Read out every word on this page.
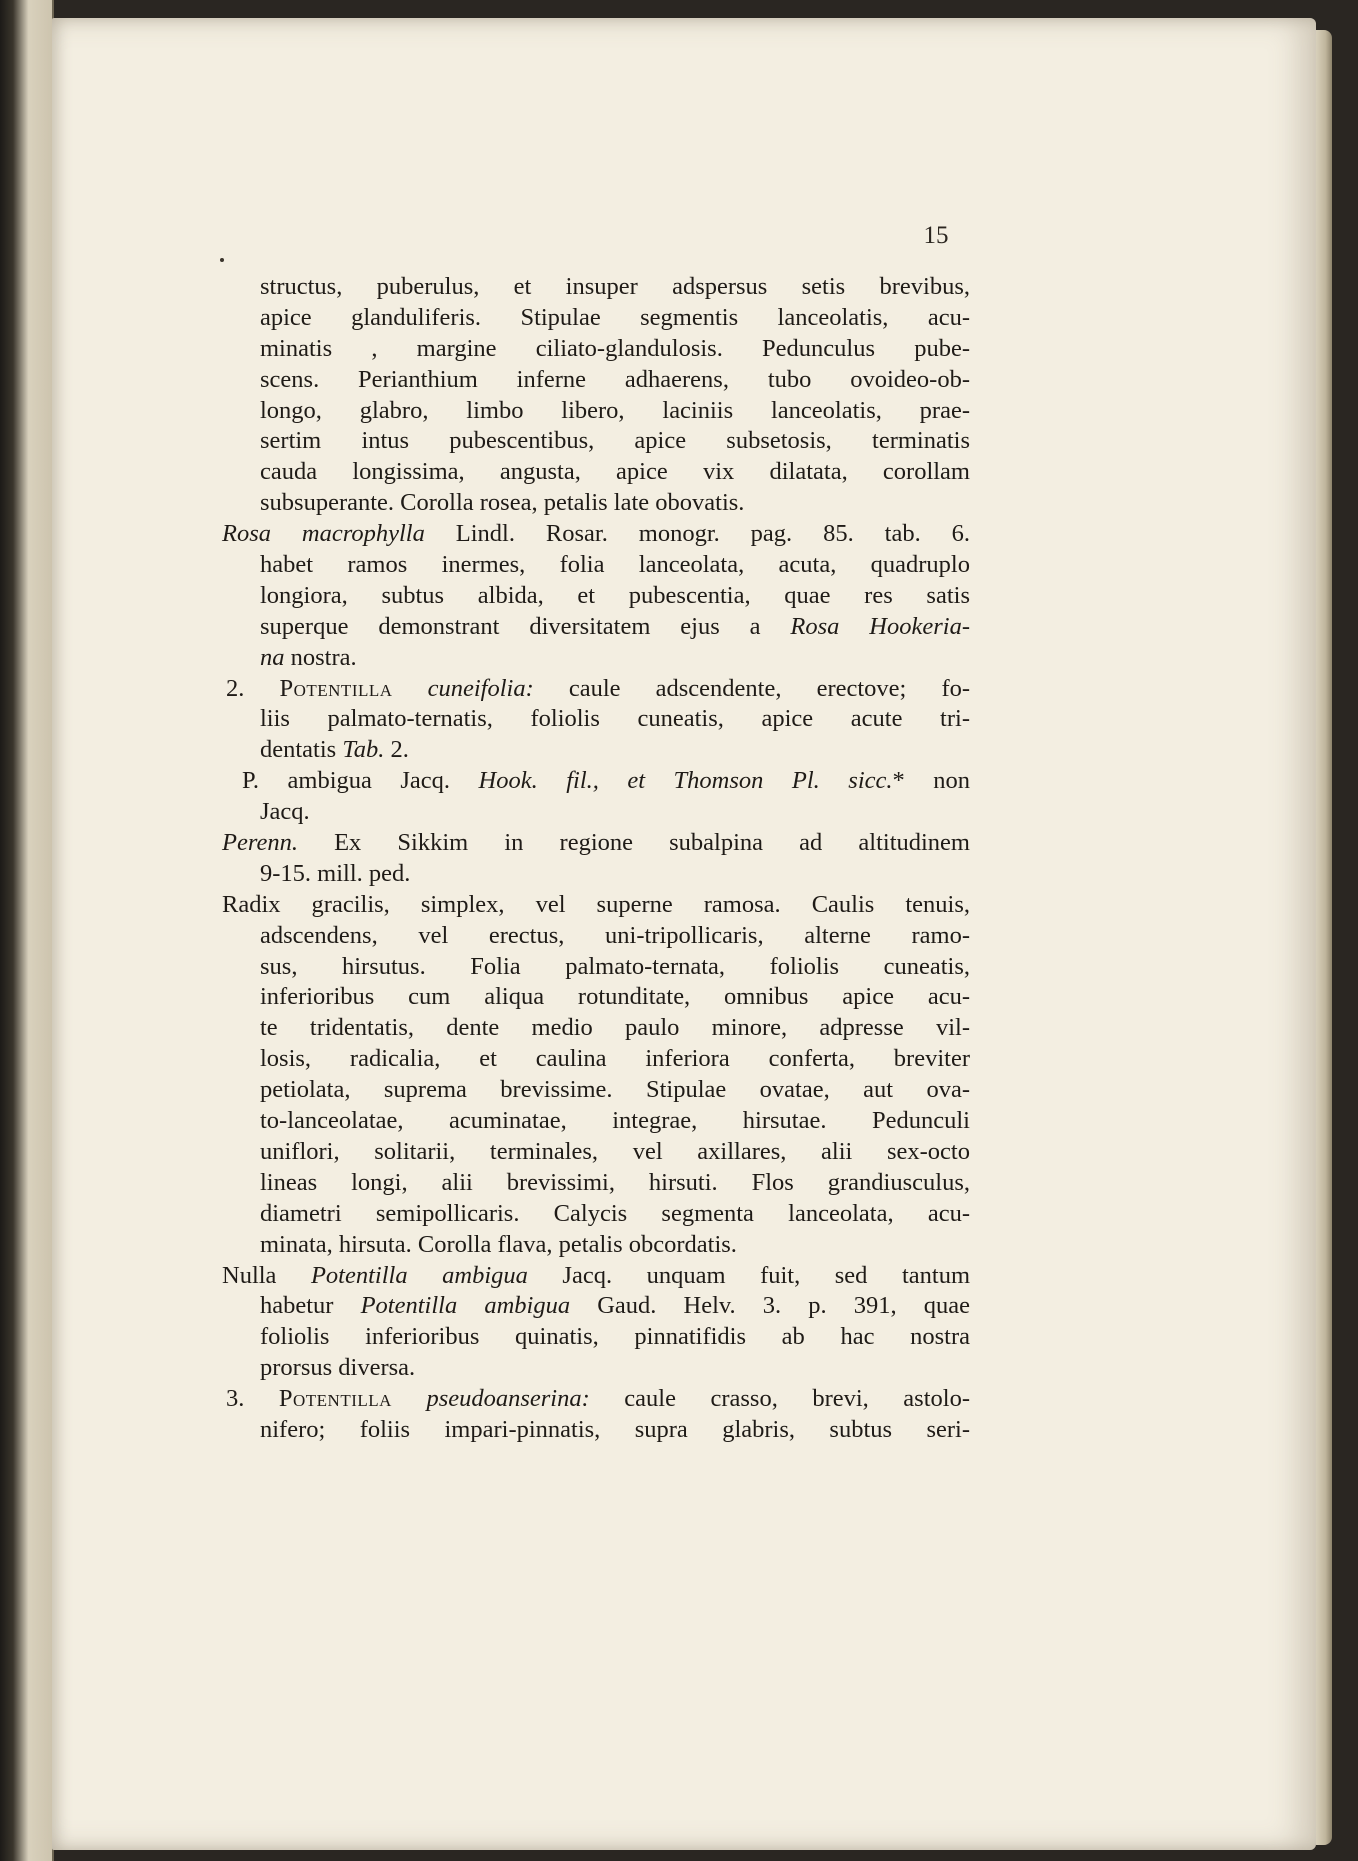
15
structus, puberulus, et insuper adspersus setis brevibus,
apice glanduliferis. Stipulae segmentis lanceolatis, acu-
minatis , margine ciliato-glandulosis. Pedunculus pube-
scens. Perianthium inferne adhaerens, tubo ovoideo-ob-
longo, glabro, limbo libero, laciniis lanceolatis, prae-
sertim intus pubescentibus, apice subsetosis, terminatis
cauda longissima, angusta, apice vix dilatata, corollam
subsuperante. Corolla rosea, petalis late obovatis.
Rosa macrophylla Lindl. Rosar. monogr. pag. 85. tab. 6.
habet ramos inermes, folia lanceolata, acuta, quadruplo
longiora, subtus albida, et pubescentia, quae res satis
superque demonstrant diversitatem ejus a Rosa Hookeria-
na nostra.
2. Potentilla cuneifolia: caule adscendente, erectove; fo-
liis palmato-ternatis, foliolis cuneatis, apice acute tri-
dentatis Tab. 2.
P. ambigua Jacq. Hook. fil., et Thomson Pl. sicc.* non
Jacq.
Perenn. Ex Sikkim in regione subalpina ad altitudinem
9-15. mill. ped.
Radix gracilis, simplex, vel superne ramosa. Caulis tenuis,
adscendens, vel erectus, uni-tripollicaris, alterne ramo-
sus, hirsutus. Folia palmato-ternata, foliolis cuneatis,
inferioribus cum aliqua rotunditate, omnibus apice acu-
te tridentatis, dente medio paulo minore, adpresse vil-
losis, radicalia, et caulina inferiora conferta, breviter
petiolata, suprema brevissime. Stipulae ovatae, aut ova-
to-lanceolatae, acuminatae, integrae, hirsutae. Pedunculi
uniflori, solitarii, terminales, vel axillares, alii sex-octo
lineas longi, alii brevissimi, hirsuti. Flos grandiusculus,
diametri semipollicaris. Calycis segmenta lanceolata, acu-
minata, hirsuta. Corolla flava, petalis obcordatis.
Nulla Potentilla ambigua Jacq. unquam fuit, sed tantum
habetur Potentilla ambigua Gaud. Helv. 3. p. 391, quae
foliolis inferioribus quinatis, pinnatifidis ab hac nostra
prorsus diversa.
3. Potentilla pseudoanserina: caule crasso, brevi, astolo-
nifero; foliis impari-pinnatis, supra glabris, subtus seri-
